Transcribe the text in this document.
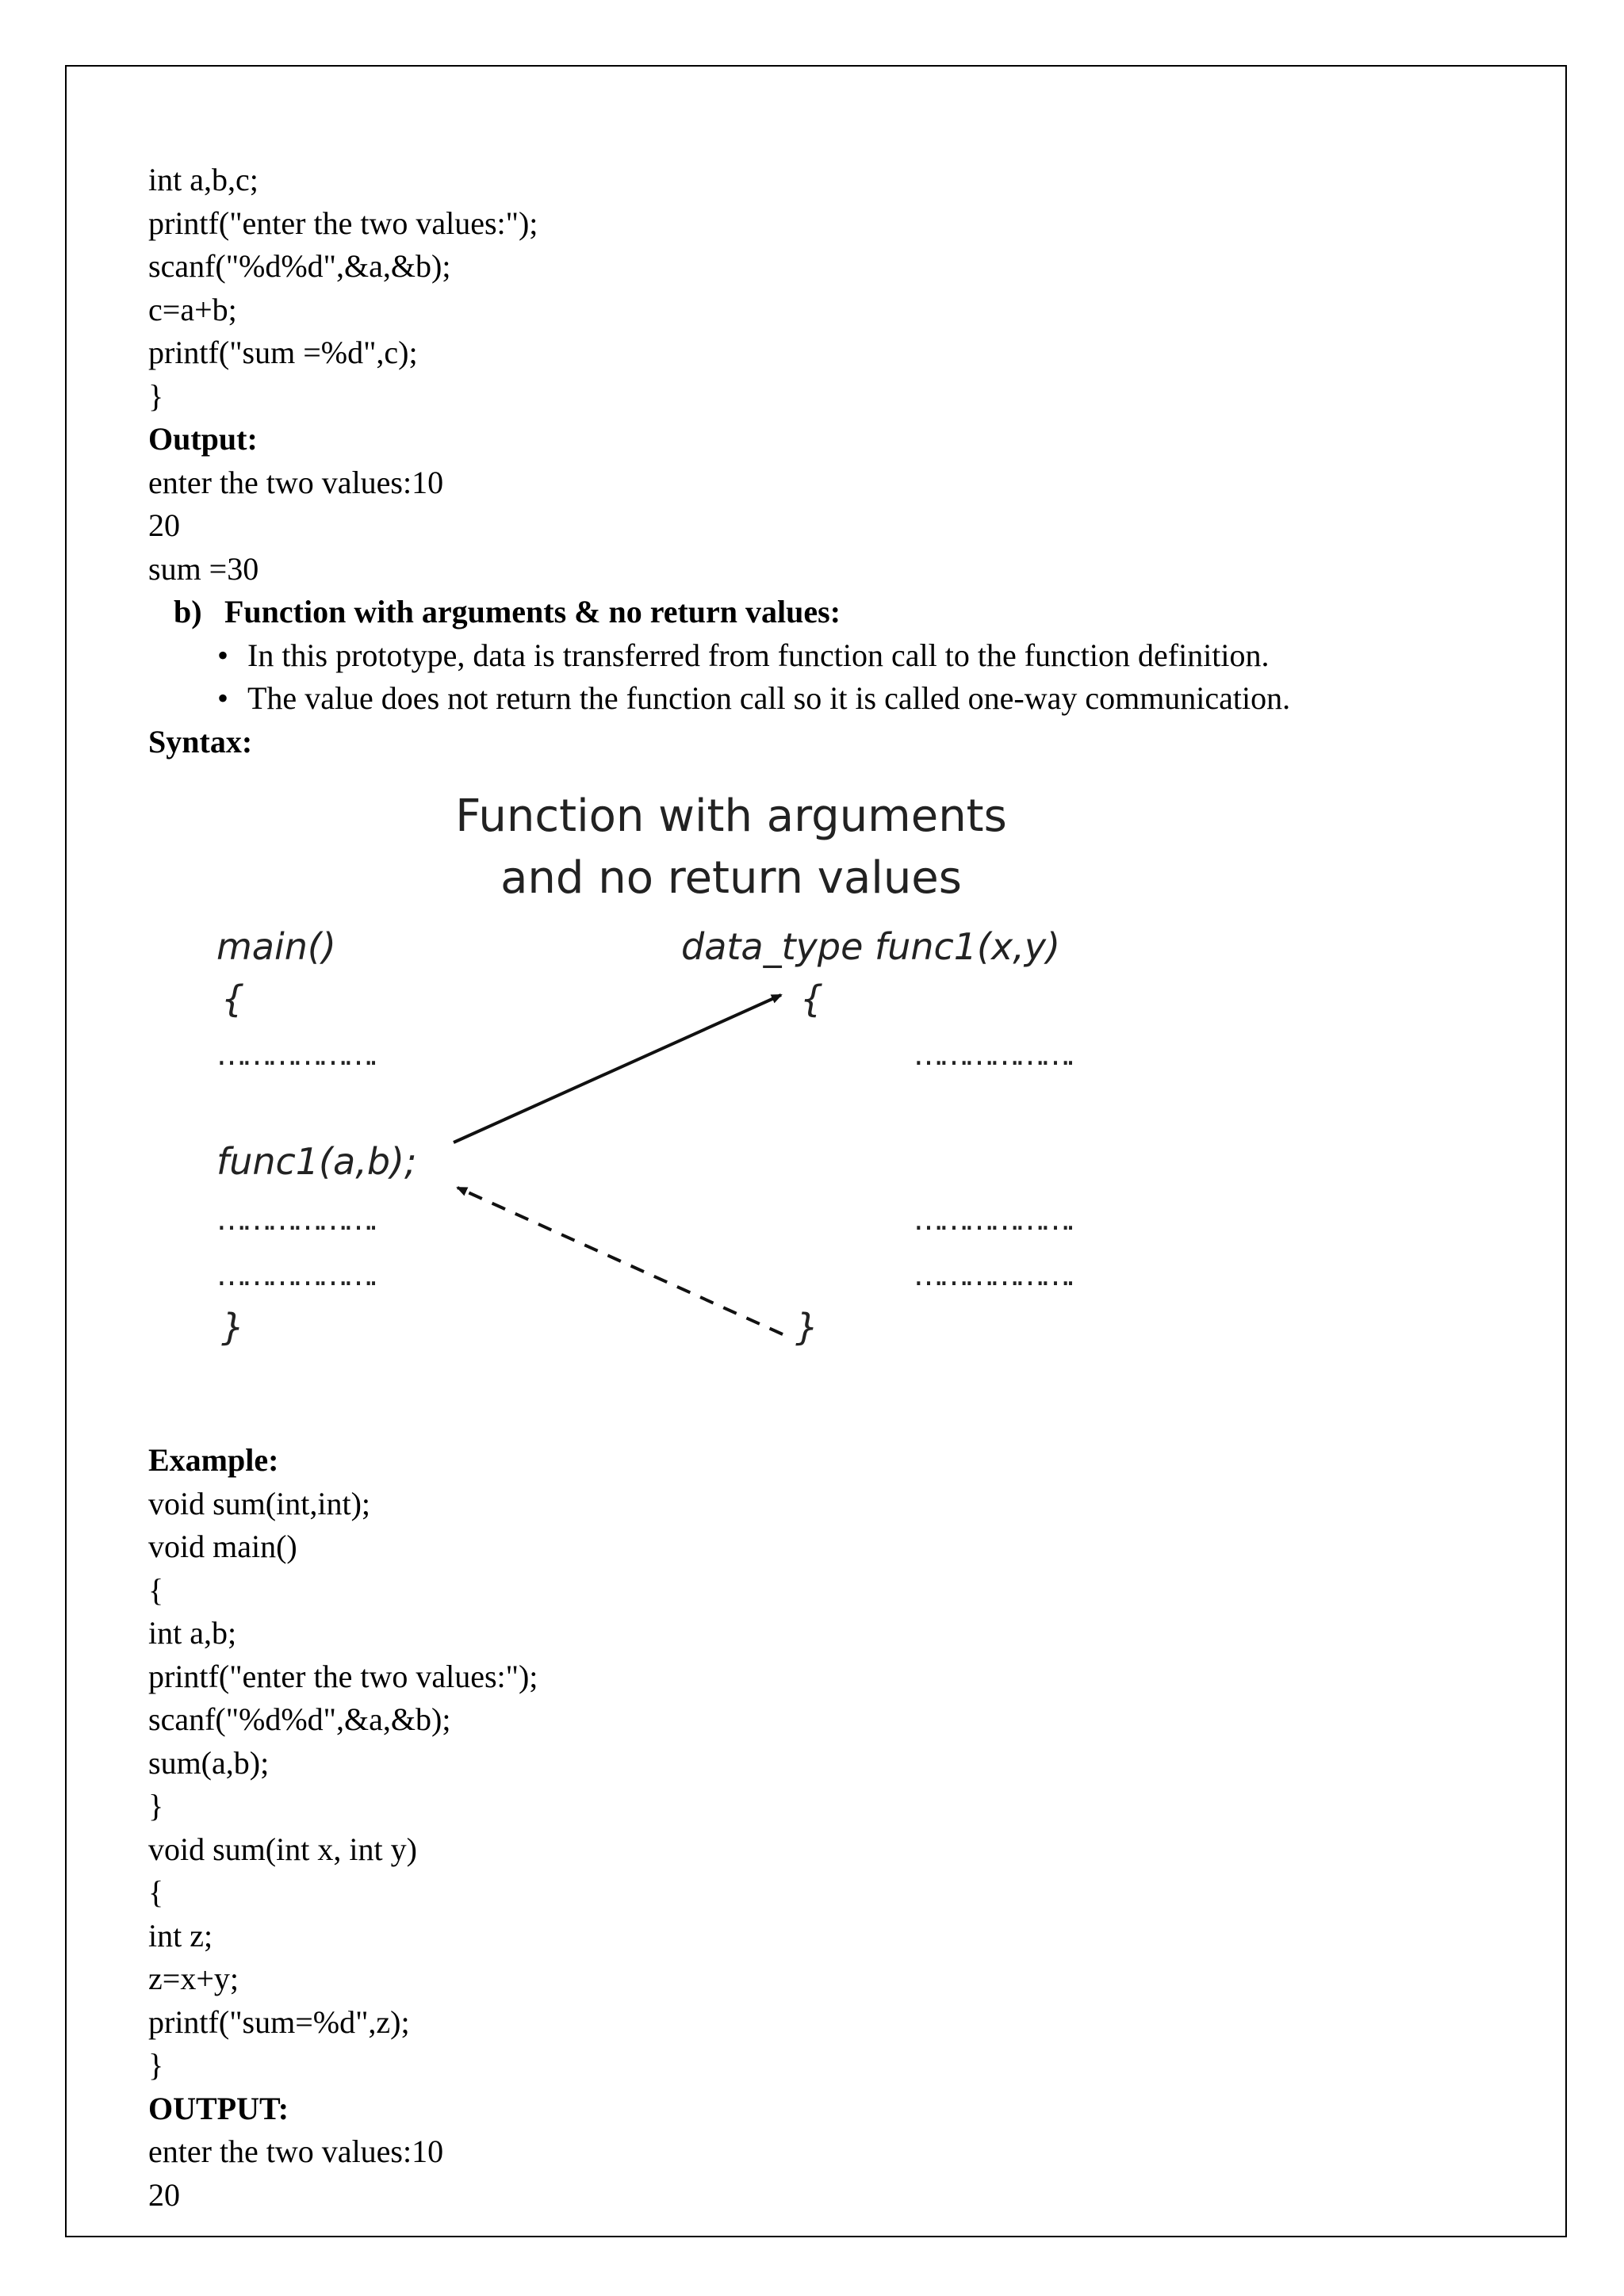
int a,b,c;
printf("enter the two values:");
scanf("%d%d",&a,&b);
c=a+b;
printf("sum =%d",c);
}
Output:
enter the two values:10
20
sum =30
b) Function with arguments & no return values:

•

In this prototype, data is transferred from function call to the function definition.

•

The value does not return the function call so it is called one-way communication.

Syntax:
Function with arguments
and no return values
main()
{
……………….
func1(a,b);
……………….
……………….
}
data_type func1(x,y)
{
……………….
……………….
……………….
}
Example:
void sum(int,int);
void main()
{
int a,b;
printf("enter the two values:");
scanf("%d%d",&a,&b);
sum(a,b);
}
void sum(int x, int y)
{
int z;
z=x+y;
printf("sum=%d",z);
}
OUTPUT:
enter the two values:10
20
